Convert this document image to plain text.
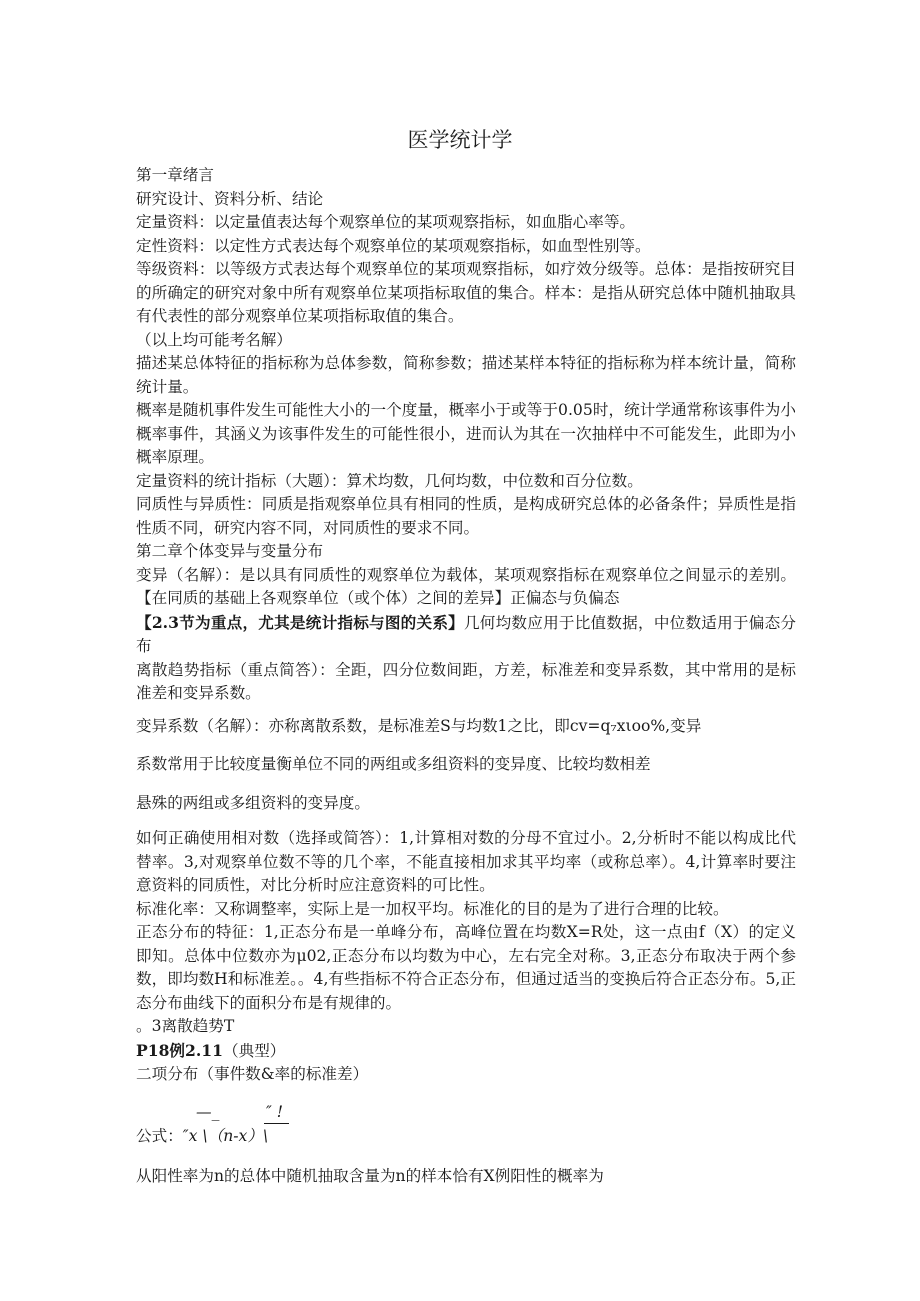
医学统计学

第一章绪言

研究设计、资料分析、结论

定量资料：以定量值表达每个观察单位的某项观察指标，如血脂心率等。

定性资料：以定性方式表达每个观察单位的某项观察指标，如血型性别等。

等级资料：以等级方式表达每个观察单位的某项观察指标，如疗效分级等。总体：是指按研究目的所确定的研究对象中所有观察单位某项指标取值的集合。样本：是指从研究总体中随机抽取具有代表性的部分观察单位某项指标取值的集合。

（以上均可能考名解）

描述某总体特征的指标称为总体参数，简称参数；描述某样本特征的指标称为样本统计量，简称统计量。

概率是随机事件发生可能性大小的一个度量，概率小于或等于0.05时，统计学通常称该事件为小概率事件，其涵义为该事件发生的可能性很小，进而认为其在一次抽样中不可能发生，此即为小概率原理。

定量资料的统计指标（大题）：算术均数，几何均数，中位数和百分位数。

同质性与异质性：同质是指观察单位具有相同的性质，是构成研究总体的必备条件；异质性是指性质不同，研究内容不同，对同质性的要求不同。

第二章个体变异与变量分布

变异（名解）：是以具有同质性的观察单位为载体，某项观察指标在观察单位之间显示的差别。【在同质的基础上各观察单位（或个体）之间的差异】正偏态与负偏态

【2.3节为重点，尤其是统计指标与图的关系】几何均数应用于比值数据，中位数适用于偏态分布

离散趋势指标（重点简答）：全距，四分位数间距，方差，标准差和变异系数，其中常用的是标准差和变异系数。

变异系数（名解）：亦称离散系数，是标准差S与均数1之比，即cv=q₇xιoo%,变异

系数常用于比较度量衡单位不同的两组或多组资料的变异度、比较均数相差

悬殊的两组或多组资料的变异度。

如何正确使用相对数（选择或简答）：1,计算相对数的分母不宜过小。2,分析时不能以构成比代替率。3,对观察单位数不等的几个率，不能直接相加求其平均率（或称总率）。4,计算率时要注意资料的同质性，对比分析时应注意资料的可比性。

标准化率：又称调整率，实际上是一加权平均。标准化的目的是为了进行合理的比较。

正态分布的特征：1,正态分布是一单峰分布，高峰位置在均数X=R处，这一点由f（X）的定义即知。总体中位数亦为μ02,正态分布以均数为中心，左右完全对称。3,正态分布取决于两个参数，即均数H和标准差。。4,有些指标不符合正态分布，但通过适当的变换后符合正态分布。5,正态分布曲线下的面积分布是有规律的。

。3离散趋势T

P18例2.11（典型）

二项分布（事件数&率的标准差）

—_	″ !
公式：″x \（n-x）\

从阳性率为n的总体中随机抽取含量为n的样本恰有X例阳性的概率为
